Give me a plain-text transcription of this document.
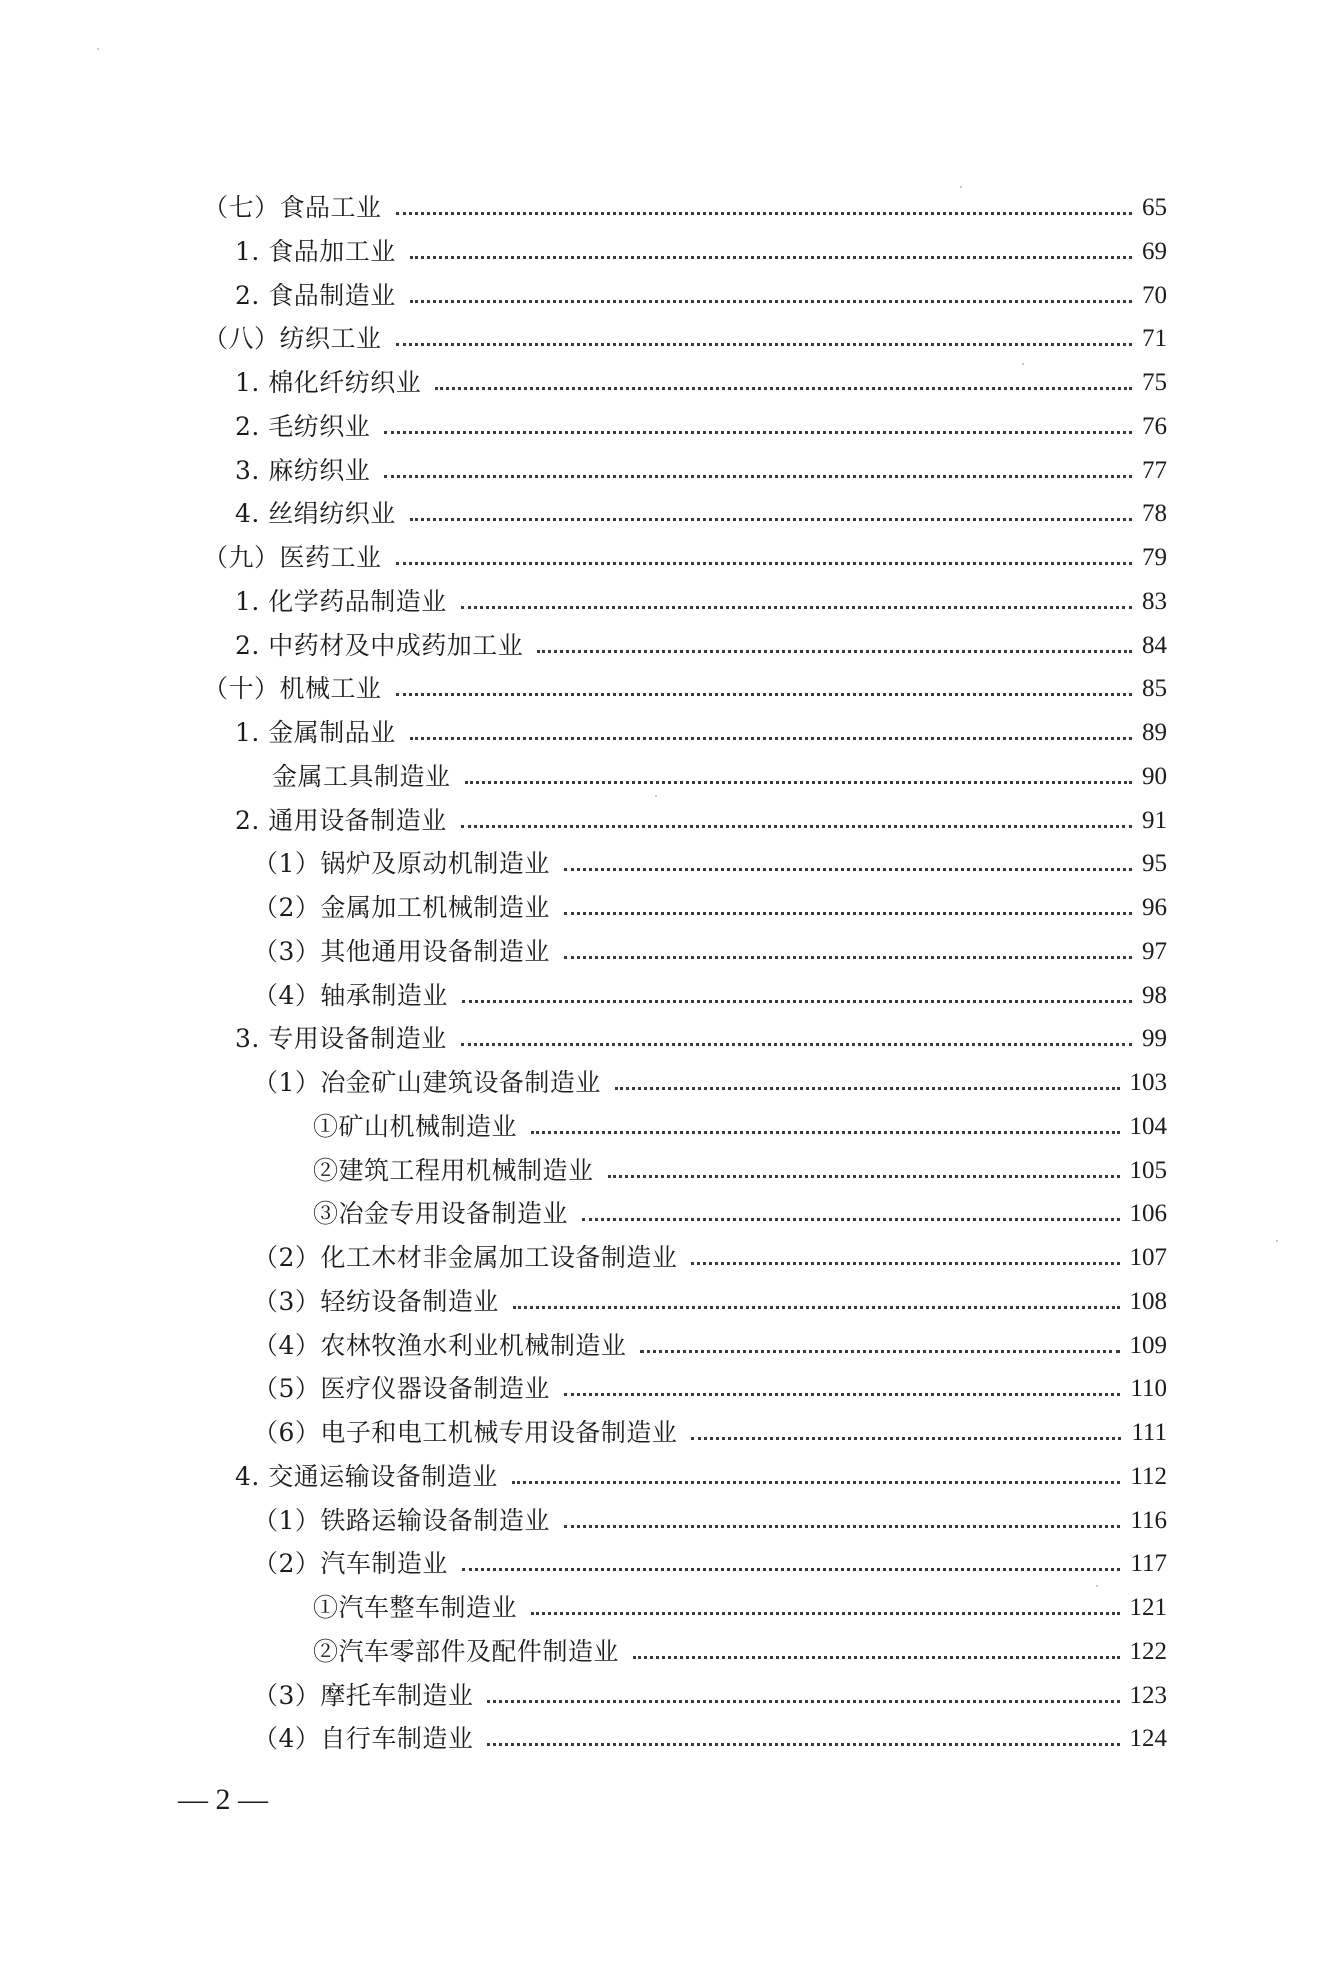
（七）食品工业	65
1. 食品加工业	69
2. 食品制造业	70
（八）纺织工业	71
1. 棉化纤纺织业	75
2. 毛纺织业	76
3. 麻纺织业	77
4. 丝绢纺织业	78
（九）医药工业	79
1. 化学药品制造业	83
2. 中药材及中成药加工业	84
（十）机械工业	85
1. 金属制品业	89
金属工具制造业	90
2. 通用设备制造业	91
（1）锅炉及原动机制造业	95
（2）金属加工机械制造业	96
（3）其他通用设备制造业	97
（4）轴承制造业	98
3. 专用设备制造业	99
（1）冶金矿山建筑设备制造业	103
①矿山机械制造业	104
②建筑工程用机械制造业	105
③冶金专用设备制造业	106
（2）化工木材非金属加工设备制造业	107
（3）轻纺设备制造业	108
（4）农林牧渔水利业机械制造业	109
（5）医疗仪器设备制造业	110
（6）电子和电工机械专用设备制造业	111
4. 交通运输设备制造业	112
（1）铁路运输设备制造业	116
（2）汽车制造业	117
①汽车整车制造业	121
②汽车零部件及配件制造业	122
（3）摩托车制造业	123
（4）自行车制造业	124
— 2 —
